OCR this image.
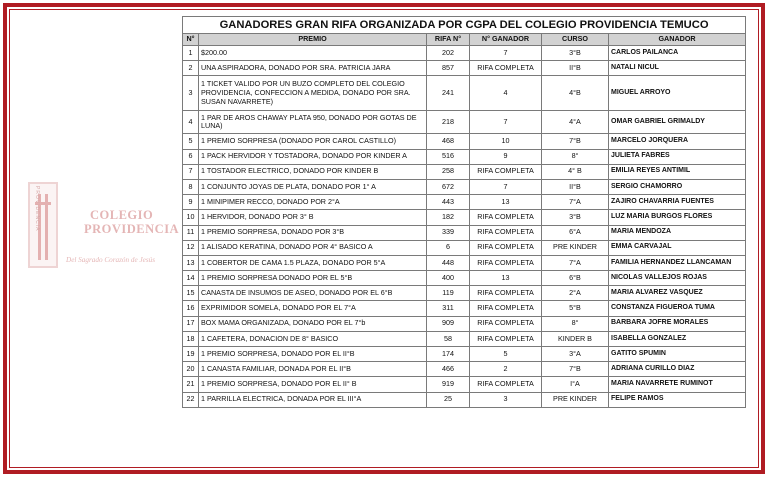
PROVIDENCIA	COLEGIO
PROVIDENCIA
Del Sagrado Corazón de Jesús
GANADORES GRAN RIFA ORGANIZADA POR CGPA DEL COLEGIO PROVIDENCIA TEMUCO					
N°	PREMIO	RIFA N°	N° GANADOR	CURSO	GANADOR
1	$200.00	202	7	3°B	CARLOS PAILANCA
2	UNA ASPIRADORA, DONADO POR SRA. PATRICIA JARA	857	RIFA COMPLETA	II°B	NATALI NICUL
3	1 TICKET VALIDO POR UN BUZO COMPLETO DEL COLEGIO PROVIDENCIA, CONFECCION A MEDIDA, DONADO POR SRA. SUSAN NAVARRETE)	241	4	4°B	MIGUEL ARROYO
4	1 PAR DE AROS CHAWAY PLATA 950, DONADO POR GOTAS DE LUNA)	218	7	4°A	OMAR GABRIEL GRIMALDY
5	1 PREMIO SORPRESA (DONADO POR CAROL CASTILLO)	468	10	7°B	MARCELO JORQUERA
6	1 PACK HERVIDOR Y TOSTADORA, DONADO POR KINDER A	516	9	8°	JULIETA FABRES
7	1 TOSTADOR ELECTRICO, DONADO POR KINDER B	258	RIFA COMPLETA	4° B	EMILIA REYES ANTIMIL
8	1 CONJUNTO JOYAS DE PLATA, DONADO POR 1° A	672	7	II°B	SERGIO CHAMORRO
9	1 MINIPIMER RECCO, DONADO POR 2°A	443	13	7°A	ZAJIRO CHAVARRIA FUENTES
10	1 HERVIDOR, DONADO POR 3° B	182	RIFA COMPLETA	3°B	LUZ MARIA BURGOS FLORES
11	1 PREMIO SORPRESA, DONADO POR 3°B	339	RIFA COMPLETA	6°A	MARIA MENDOZA
12	1 ALISADO KERATINA, DONADO POR 4° BASICO A	6	RIFA COMPLETA	PRE KINDER	EMMA CARVAJAL
13	1 COBERTOR DE CAMA 1.5 PLAZA, DONADO POR 5°A	448	RIFA COMPLETA	7°A	FAMILIA HERNANDEZ LLANCAMAN
14	1 PREMIO SORPRESA DONADO POR EL 5°B	400	13	6°B	NICOLAS VALLEJOS ROJAS
15	CANASTA DE INSUMOS DE ASEO, DONADO POR EL 6°B	119	RIFA COMPLETA	2°A	MARIA ALVAREZ VASQUEZ
16	EXPRIMIDOR SOMELA, DONADO POR EL 7°A	311	RIFA COMPLETA	5°B	CONSTANZA FIGUEROA TUMA
17	BOX MAMA ORGANIZADA, DONADO POR EL 7°b	909	RIFA COMPLETA	8°	BARBARA JOFRE MORALES
18	1 CAFETERA, DONACION DE 8° BASICO	58	RIFA COMPLETA	KINDER B	ISABELLA GONZALEZ
19	1 PREMIO SORPRESA, DONADO POR EL II°B	174	5	3°A	GATITO SPUMIN
20	1 CANASTA FAMILIAR, DONADA POR EL II°B	466	2	7°B	ADRIANA CURILLO DIAZ
21	1 PREMIO SORPRESA, DONADO POR EL II° B	919	RIFA COMPLETA	I°A	MARIA NAVARRETE RUMINOT
22	1 PARRILLA ELECTRICA, DONADA POR EL III°A	25	3	PRE KINDER	FELIPE RAMOS
